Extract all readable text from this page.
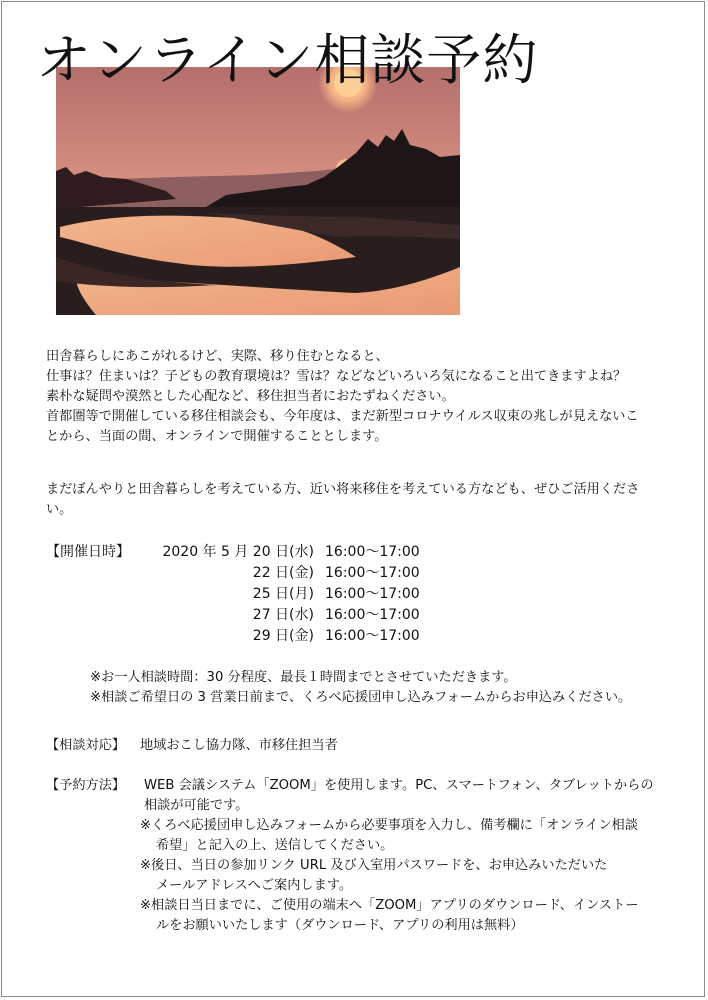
オンライン相談予約
田舎暮らしにあこがれるけど、実際、移り住むとなると、
仕事は？住まいは？子どもの教育環境は？雪は？などなどいろいろ気になること出てきますよね？
素朴な疑問や漠然とした心配など、移住担当者におたずねください。
首都圏等で開催している移住相談会も、今年度は、まだ新型コロナウイルス収束の兆しが見えないこ
とから、当面の間、オンラインで開催することとします。
まだぼんやりと田舎暮らしを考えている方、近い将来移住を考えている方なども、ぜひご活用くださ
い。
【開催日時】	2020 年 5 月 20 日(水) 16:00～17:00
22 日(金) 16:00～17:00
25 日(月) 16:00～17:00
27 日(水) 16:00～17:00
29 日(金) 16:00～17:00
※お一人相談時間：30 分程度、最長１時間までとさせていただきます。
※相談ご希望日の 3 営業日前まで、くろべ応援団申し込みフォームからお申込みください。
【相談対応】 地域おこし協力隊、市移住担当者
【予約方法】 WEB 会議システム「ZOOM」を使用します。PC、スマートフォン、タブレットからの
相談が可能です。
※くろべ応援団申し込みフォームから必要事項を入力し、備考欄に「オンライン相談
希望」と記入の上、送信してください。
※後日、当日の参加リンク URL 及び入室用パスワードを、お申込みいただいた
メールアドレスへご案内します。
※相談日当日までに、ご使用の端末へ「ZOOM」アプリのダウンロード、インストー
ルをお願いいたします（ダウンロード、アプリの利用は無料）
